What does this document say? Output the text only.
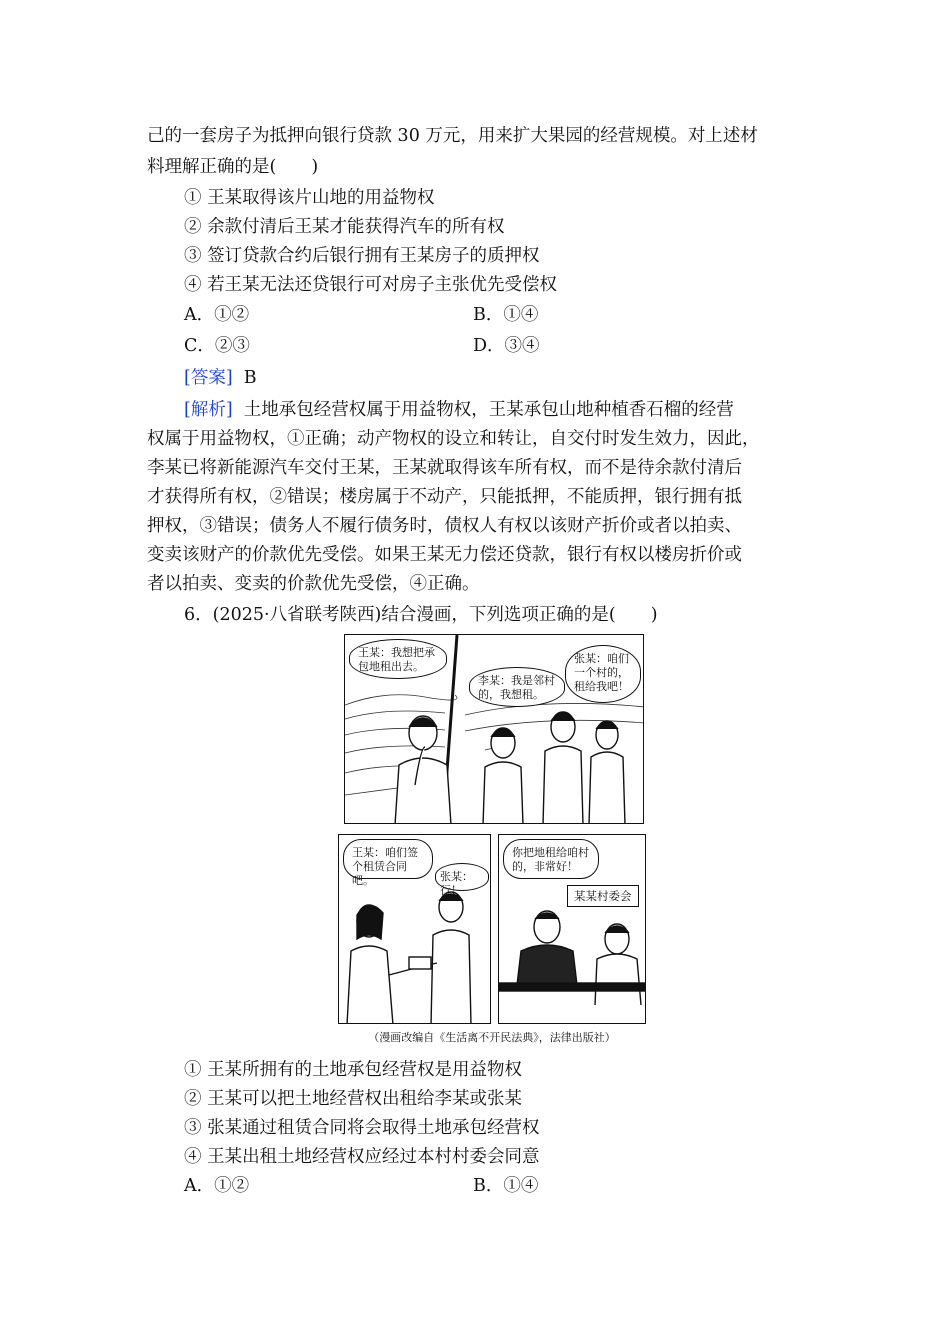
己的一套房子为抵押向银行贷款 30 万元，用来扩大果园的经营规模。对上述材
料理解正确的是(　　)
① 王某取得该片山地的用益物权
② 余款付清后王某才能获得汽车的所有权
③ 签订贷款合约后银行拥有王某房子的质押权
④ 若王某无法还贷银行可对房子主张优先受偿权
A．①②	B．①④
C．②③	D．③④
[答案] B
[解析] 土地承包经营权属于用益物权，王某承包山地种植香石榴的经营
权属于用益物权，①正确；动产物权的设立和转让，自交付时发生效力，因此，
李某已将新能源汽车交付王某，王某就取得该车所有权，而不是待余款付清后
才获得所有权，②错误；楼房属于不动产，只能抵押，不能质押，银行拥有抵
押权，③错误；债务人不履行债务时，债权人有权以该财产折价或者以拍卖、
变卖该财产的价款优先受偿。如果王某无力偿还贷款，银行有权以楼房折价或
者以拍卖、变卖的价款优先受偿，④正确。
6．(2025·八省联考陕西)结合漫画，下列选项正确的是(　　)
王某：我想把承包地租出去。
李某：我是邻村的，我想租。
张某：咱们一个村的，租给我吧！
王某：咱们签个租赁合同吧。	张某：行！
你把地租给咱村的，非常好！
某某村委会
（漫画改编自《生活离不开民法典》，法律出版社）
① 王某所拥有的土地承包经营权是用益物权
② 王某可以把土地经营权出租给李某或张某
③ 张某通过租赁合同将会取得土地承包经营权
④ 王某出租土地经营权应经过本村村委会同意
A．①②	B．①④
